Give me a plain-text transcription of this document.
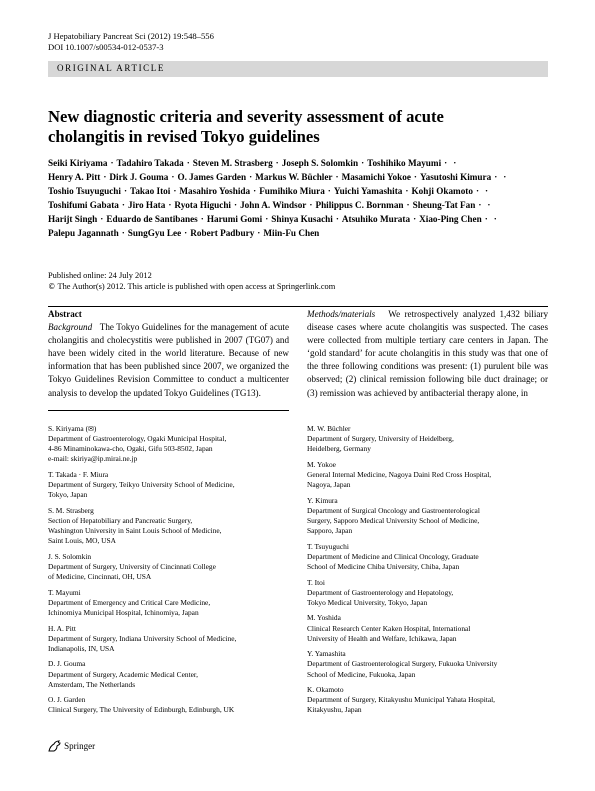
J Hepatobiliary Pancreat Sci (2012) 19:548–556
DOI 10.1007/s00534-012-0537-3
ORIGINAL ARTICLE
New diagnostic criteria and severity assessment of acute
cholangitis in revised Tokyo guidelines
Seiki Kiriyama · Tadahiro Takada · Steven M. Strasberg · Joseph S. Solomkin · Toshihiko Mayumi · ·
Henry A. Pitt · Dirk J. Gouma · O. James Garden · Markus W. Büchler · Masamichi Yokoe · Yasutoshi Kimura · ·
Toshio Tsuyuguchi · Takao Itoi · Masahiro Yoshida · Fumihiko Miura · Yuichi Yamashita · Kohji Okamoto · ·
Toshifumi Gabata · Jiro Hata · Ryota Higuchi · John A. Windsor · Philippus C. Bornman · Sheung-Tat Fan · ·
Harijt Singh · Eduardo de Santibanes · Harumi Gomi · Shinya Kusachi · Atsuhiko Murata · Xiao-Ping Chen · ·
Palepu Jagannath · SungGyu Lee · Robert Padbury · Miin-Fu Chen
Published online: 24 July 2012
© The Author(s) 2012. This article is published with open access at Springerlink.com
Abstract
Background The Tokyo Guidelines for the management of acute cholangitis and cholecystitis were published in 2007 (TG07) and have been widely cited in the world literature. Because of new information that has been published since 2007, we organized the Tokyo Guidelines Revision Committee to conduct a multicenter analysis to develop the updated Tokyo Guidelines (TG13).
Methods/materials We retrospectively analyzed 1,432 biliary disease cases where acute cholangitis was suspected. The cases were collected from multiple tertiary care centers in Japan. The ‘gold standard’ for acute cholangitis in this study was that one of the three following conditions was present: (1) purulent bile was observed; (2) clinical remission following bile duct drainage; or (3) remission was achieved by antibacterial therapy alone, in
S. Kiriyama (✉)
Department of Gastroenterology, Ogaki Municipal Hospital,
4-86 Minaminokawa-cho, Ogaki, Gifu 503-8502, Japan
e-mail: skiriya@ip.mirai.ne.jp
T. Takada · F. Miura
Department of Surgery, Teikyo University School of Medicine,
Tokyo, Japan
S. M. Strasberg
Section of Hepatobiliary and Pancreatic Surgery,
Washington University in Saint Louis School of Medicine,
Saint Louis, MO, USA
J. S. Solomkin
Department of Surgery, University of Cincinnati College
of Medicine, Cincinnati, OH, USA
T. Mayumi
Department of Emergency and Critical Care Medicine,
Ichinomiya Municipal Hospital, Ichinomiya, Japan
H. A. Pitt
Department of Surgery, Indiana University School of Medicine,
Indianapolis, IN, USA
D. J. Gouma
Department of Surgery, Academic Medical Center,
Amsterdam, The Netherlands
O. J. Garden
Clinical Surgery, The University of Edinburgh, Edinburgh, UK
M. W. Büchler
Department of Surgery, University of Heidelberg,
Heidelberg, Germany
M. Yokoe
General Internal Medicine, Nagoya Daini Red Cross Hospital,
Nagoya, Japan
Y. Kimura
Department of Surgical Oncology and Gastroenterological
Surgery, Sapporo Medical University School of Medicine,
Sapporo, Japan
T. Tsuyuguchi
Department of Medicine and Clinical Oncology, Graduate
School of Medicine Chiba University, Chiba, Japan
T. Itoi
Department of Gastroenterology and Hepatology,
Tokyo Medical University, Tokyo, Japan
M. Yoshida
Clinical Research Center Kaken Hospital, International
University of Health and Welfare, Ichikawa, Japan
Y. Yamashita
Department of Gastroenterological Surgery, Fukuoka University
School of Medicine, Fukuoka, Japan
K. Okamoto
Department of Surgery, Kitakyushu Municipal Yahata Hospital,
Kitakyushu, Japan
Springer
